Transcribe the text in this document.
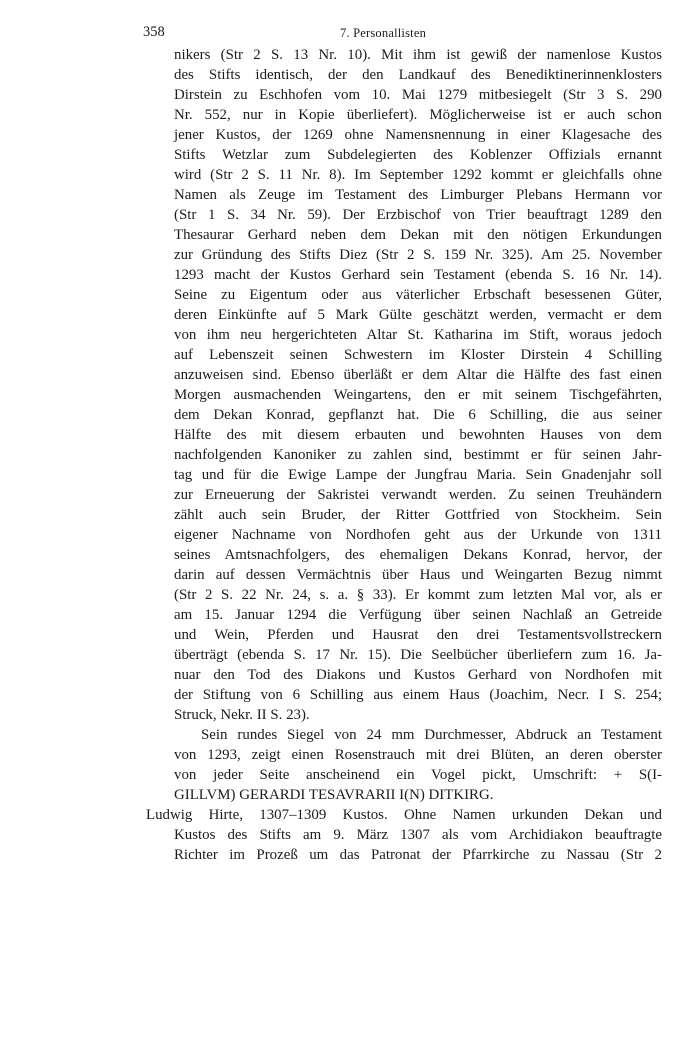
358	7. Personallisten
nikers (Str 2 S. 13 Nr. 10). Mit ihm ist gewiß der namenlose Kustos
des Stifts identisch, der den Landkauf des Benediktinerinnenklosters
Dirstein zu Eschhofen vom 10. Mai 1279 mitbesiegelt (Str 3 S. 290
Nr. 552, nur in Kopie überliefert). Möglicherweise ist er auch schon
jener Kustos, der 1269 ohne Namensnennung in einer Klagesache des
Stifts Wetzlar zum Subdelegierten des Koblenzer Offizials ernannt
wird (Str 2 S. 11 Nr. 8). Im September 1292 kommt er gleichfalls ohne
Namen als Zeuge im Testament des Limburger Plebans Hermann vor
(Str 1 S. 34 Nr. 59). Der Erzbischof von Trier beauftragt 1289 den
Thesaurar Gerhard neben dem Dekan mit den nötigen Erkundungen
zur Gründung des Stifts Diez (Str 2 S. 159 Nr. 325). Am 25. November
1293 macht der Kustos Gerhard sein Testament (ebenda S. 16 Nr. 14).
Seine zu Eigentum oder aus väterlicher Erbschaft besessenen Güter,
deren Einkünfte auf 5 Mark Gülte geschätzt werden, vermacht er dem
von ihm neu hergerichteten Altar St. Katharina im Stift, woraus jedoch
auf Lebenszeit seinen Schwestern im Kloster Dirstein 4 Schilling
anzuweisen sind. Ebenso überläßt er dem Altar die Hälfte des fast einen
Morgen ausmachenden Weingartens, den er mit seinem Tischgefährten,
dem Dekan Konrad, gepflanzt hat. Die 6 Schilling, die aus seiner
Hälfte des mit diesem erbauten und bewohnten Hauses von dem
nachfolgenden Kanoniker zu zahlen sind, bestimmt er für seinen Jahr-
tag und für die Ewige Lampe der Jungfrau Maria. Sein Gnadenjahr soll
zur Erneuerung der Sakristei verwandt werden. Zu seinen Treuhändern
zählt auch sein Bruder, der Ritter Gottfried von Stockheim. Sein
eigener Nachname von Nordhofen geht aus der Urkunde von 1311
seines Amtsnachfolgers, des ehemaligen Dekans Konrad, hervor, der
darin auf dessen Vermächtnis über Haus und Weingarten Bezug nimmt
(Str 2 S. 22 Nr. 24, s. a. § 33). Er kommt zum letzten Mal vor, als er
am 15. Januar 1294 die Verfügung über seinen Nachlaß an Getreide
und Wein, Pferden und Hausrat den drei Testamentsvollstreckern
überträgt (ebenda S. 17 Nr. 15). Die Seelbücher überliefern zum 16. Ja-
nuar den Tod des Diakons und Kustos Gerhard von Nordhofen mit
der Stiftung von 6 Schilling aus einem Haus (Joachim, Necr. I S. 254;
Struck, Nekr. II S. 23).
Sein rundes Siegel von 24 mm Durchmesser, Abdruck an Testament
von 1293, zeigt einen Rosenstrauch mit drei Blüten, an deren oberster
von jeder Seite anscheinend ein Vogel pickt, Umschrift: + S(I-
GILLVM) GERARDI TESAVRARII I(N) DITKIRG.
Ludwig Hirte, 1307–1309 Kustos. Ohne Namen urkunden Dekan und
Kustos des Stifts am 9. März 1307 als vom Archidiakon beauftragte
Richter im Prozeß um das Patronat der Pfarrkirche zu Nassau (Str 2
